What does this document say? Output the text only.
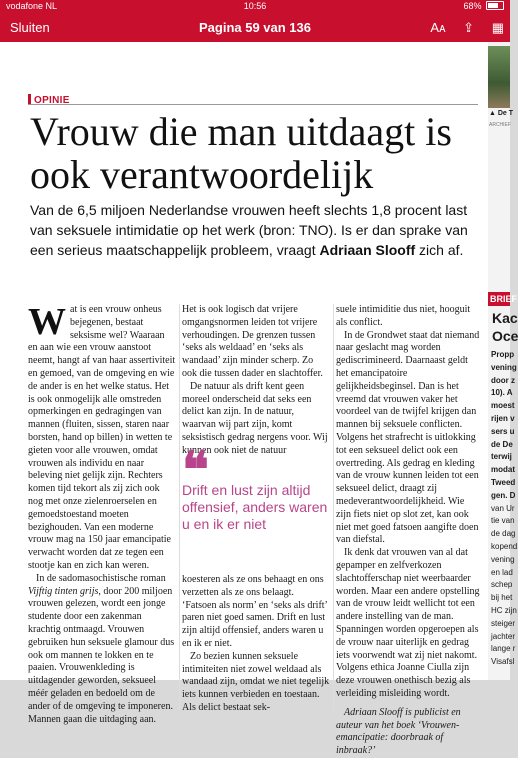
vodafone NL	10:56	68%
Sluiten	Pagina 59 van 136	Aᴀ ⇪ ▦
OPINIE
Vrouw die man uitdaagt is ook verantwoordelijk
Van de 6,5 miljoen Nederlandse vrouwen heeft slechts 1,8 procent last van seksuele intimidatie op het werk (bron: TNO). Is er dan sprake van een serieus maatschappelijk probleem, vraagt Adriaan Slooff zich af.

Wat is een vrouw onheus bejegenen, bestaat seksisme wel? Waaraan en aan wie een vrouw aanstoot neemt, hangt af van haar assertiviteit en gemoed, van de omgeving en wie de ander is en het welke status. Het is ook onmogelijk alle omstreden opmerkingen en gedragingen van mannen (fluiten, sissen, staren naar borsten, hand op billen) in wetten te gieten voor alle vrouwen, omdat vrouwen als individu en naar beleving niet gelijk zijn. Rechters komen tijd tekort als zij zich ook nog met onze zielenroerselen en gemoedstoestand moeten bezighouden. Van een moderne vrouw mag na 150 jaar emancipatie verwacht worden dat ze tegen een stootje kan en zich kan weren.

In de sadomasochistische roman Vijftig tinten grijs, door 200 miljoen vrouwen gelezen, wordt een jonge studente door een zakenman krachtig ontmaagd. Vrouwen gebruiken hun seksuele glamour dus ook om mannen te lokken en te paaien. Vrouwenkleding is uitdagender geworden, seksueel méér geladen en bedoeld om de ander of de omgeving te imponeren. Mannen gaan die uitdaging aan.

Het is ook logisch dat vrijere omgangsnormen leiden tot vrijere verhoudingen. De grenzen tussen ‘seks als weldaad’ en ‘seks als wandaad’ zijn minder scherp. Zo ook die tussen dader en slachtoffer.

De natuur als drift kent geen moreel onderscheid dat seks een delict kan zijn. In de natuur, waarvan wij part zijn, komt seksistisch gedrag nergens voor. Wij kunnen ook niet de natuur

❝
Drift en lust zijn altijd offensief, anders waren u en ik er niet

koesteren als ze ons behaagt en ons verzetten als ze ons belaagt. ‘Fatsoen als norm’ en ‘seks als drift’ paren niet goed samen. Drift en lust zijn altijd offensief, anders waren u en ik er niet.

Zo bezien kunnen seksuele intimiteiten niet zowel weldaad als wandaad zijn, omdat we niet tegelijk iets kunnen verbieden en toestaan. Als delict bestaat sek-

suele intimiditie dus niet, hooguit als conflict.

In de Grondwet staat dat niemand naar geslacht mag worden gediscrimineerd. Daarnaast geldt het emancipatoire gelijkheidsbeginsel. Dan is het vreemd dat vrouwen vaker het voordeel van de twijfel krijgen dan mannen bij seksuele conflicten. Volgens het strafrecht is uitlokking tot een seksueel delict ook een overtreding. Als gedrag en kleding van de vrouw kunnen leiden tot een seksueel delict, draagt zij medeverantwoordelijkheid. Wie zijn fiets niet op slot zet, kan ook niet met goed fatsoen aangifte doen van diefstal.

Ik denk dat vrouwen van al dat gepamper en zelfverkozen slachtofferschap niet weerbaarder worden. Maar een andere opstelling van de vrouw leidt wellicht tot een andere instelling van de man. Spanningen worden opgeroepen als de vrouw naar uiterlijk en gedrag iets voorwendt wat zij niet nakomt. Volgens ethica Joanne Ciulla zijn deze vrouwen onethisch bezig als verleiding misleiding wordt.

Adriaan Slooff is publicist en auteur van het boek ‘Vrouwen-emancipatie: doorbraak of inbraak?’

▲ De T
ARCHIEF
BRIEF
Kac
Oce
Propp
vening
door z
10). A
moest
rijen v
sers u
de De
terwij
modat
Tweed
gen. D
van Ur
tie van
de dag
kopend
vening
en lad
schep
bij het
HC zijn
steiger
jachter
lange r
Visafsl
